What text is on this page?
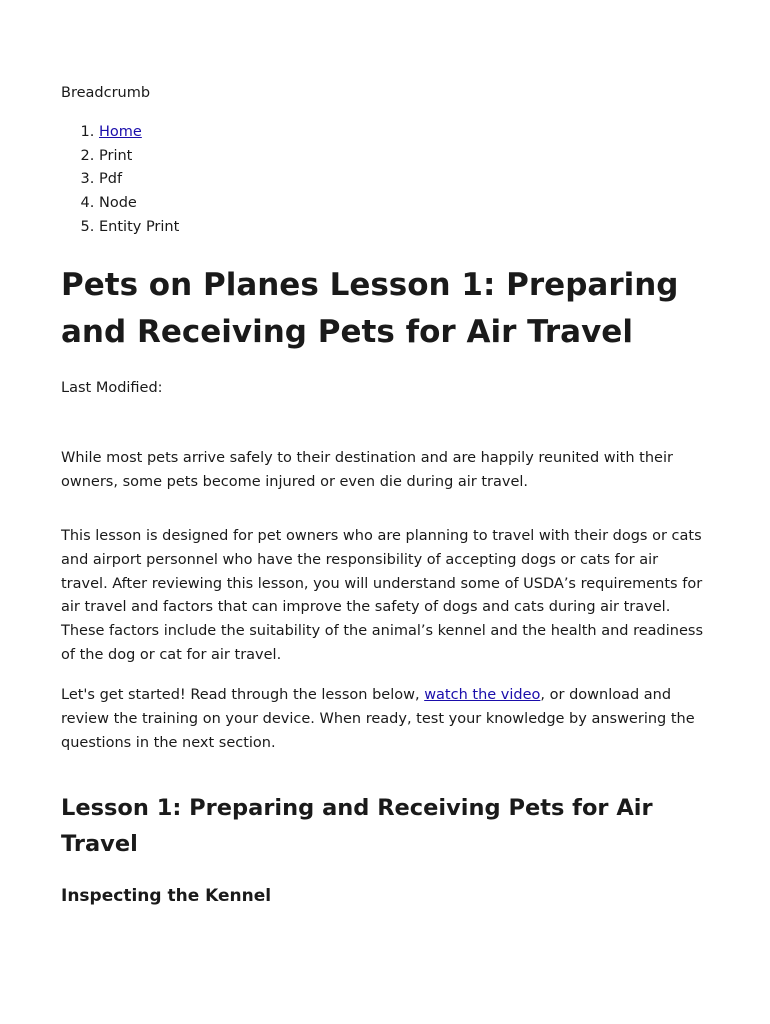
Breadcrumb
1. Home
2. Print
3. Pdf
4. Node
5. Entity Print
Pets on Planes Lesson 1: Preparing and Receiving Pets for Air Travel

Last Modified:

While most pets arrive safely to their destination and are happily reunited with their owners, some pets become injured or even die during air travel.

This lesson is designed for pet owners who are planning to travel with their dogs or cats and airport personnel who have the responsibility of accepting dogs or cats for air travel. After reviewing this lesson, you will understand some of USDA’s requirements for air travel and factors that can improve the safety of dogs and cats during air travel. These factors include the suitability of the animal’s kennel and the health and readiness of the dog or cat for air travel.

Let's get started! Read through the lesson below, watch the video, or download and review the training on your device. When ready, test your knowledge by answering the questions in the next section.

Lesson 1: Preparing and Receiving Pets for Air Travel
Inspecting the Kennel
